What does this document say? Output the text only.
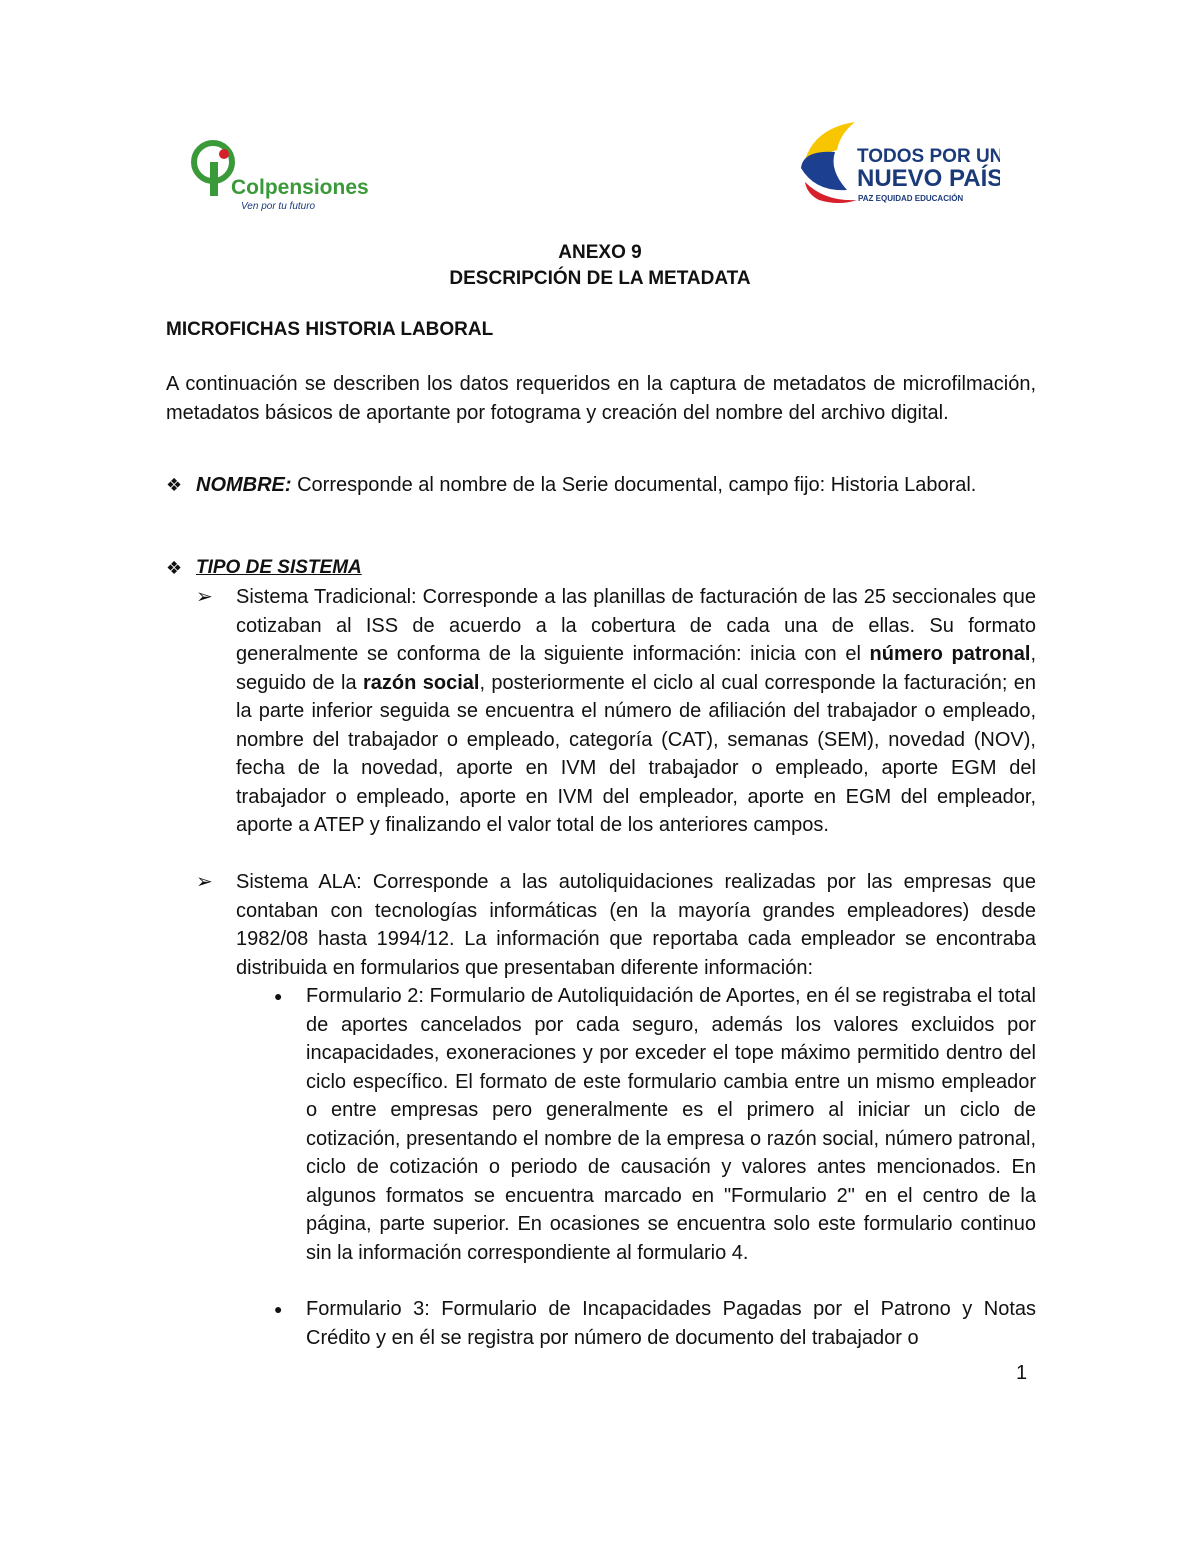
Colpensiones
Ven por tu futuro
TODOS POR UN
NUEVO PAÍS
PAZ EQUIDAD EDUCACIÓN
ANEXO 9
DESCRIPCIÓN DE LA METADATA
MICROFICHAS HISTORIA LABORAL
A continuación se describen los datos requeridos en la captura de metadatos de microfilmación, metadatos básicos de aportante por fotograma y creación del nombre del archivo digital.
❖ NOMBRE: Corresponde al nombre de la Serie documental, campo fijo: Historia Laboral.
❖ TIPO DE SISTEMA
➢ Sistema Tradicional: Corresponde a las planillas de facturación de las 25 seccionales que cotizaban al ISS de acuerdo a la cobertura de cada una de ellas. Su formato generalmente se conforma de la siguiente información: inicia con el número patronal, seguido de la razón social, posteriormente el ciclo al cual corresponde la facturación; en la parte inferior seguida se encuentra el número de afiliación del trabajador o empleado, nombre del trabajador o empleado, categoría (CAT), semanas (SEM), novedad (NOV), fecha de la novedad, aporte en IVM del trabajador o empleado, aporte EGM del trabajador o empleado, aporte en IVM del empleador, aporte en EGM del empleador, aporte a ATEP y finalizando el valor total de los anteriores campos.
➢ Sistema ALA: Corresponde a las autoliquidaciones realizadas por las empresas que contaban con tecnologías informáticas (en la mayoría grandes empleadores) desde 1982/08 hasta 1994/12. La información que reportaba cada empleador se encontraba distribuida en formularios que presentaban diferente información:
● Formulario 2: Formulario de Autoliquidación de Aportes, en él se registraba el total de aportes cancelados por cada seguro, además los valores excluidos por incapacidades, exoneraciones y por exceder el tope máximo permitido dentro del ciclo específico. El formato de este formulario cambia entre un mismo empleador o entre empresas pero generalmente es el primero al iniciar un ciclo de cotización, presentando el nombre de la empresa o razón social, número patronal, ciclo de cotización o periodo de causación y valores antes mencionados. En algunos formatos se encuentra marcado en "Formulario 2" en el centro de la página, parte superior. En ocasiones se encuentra solo este formulario continuo sin la información correspondiente al formulario 4.
● Formulario 3: Formulario de Incapacidades Pagadas por el Patrono y Notas Crédito y en él se registra por número de documento del trabajador o
1
